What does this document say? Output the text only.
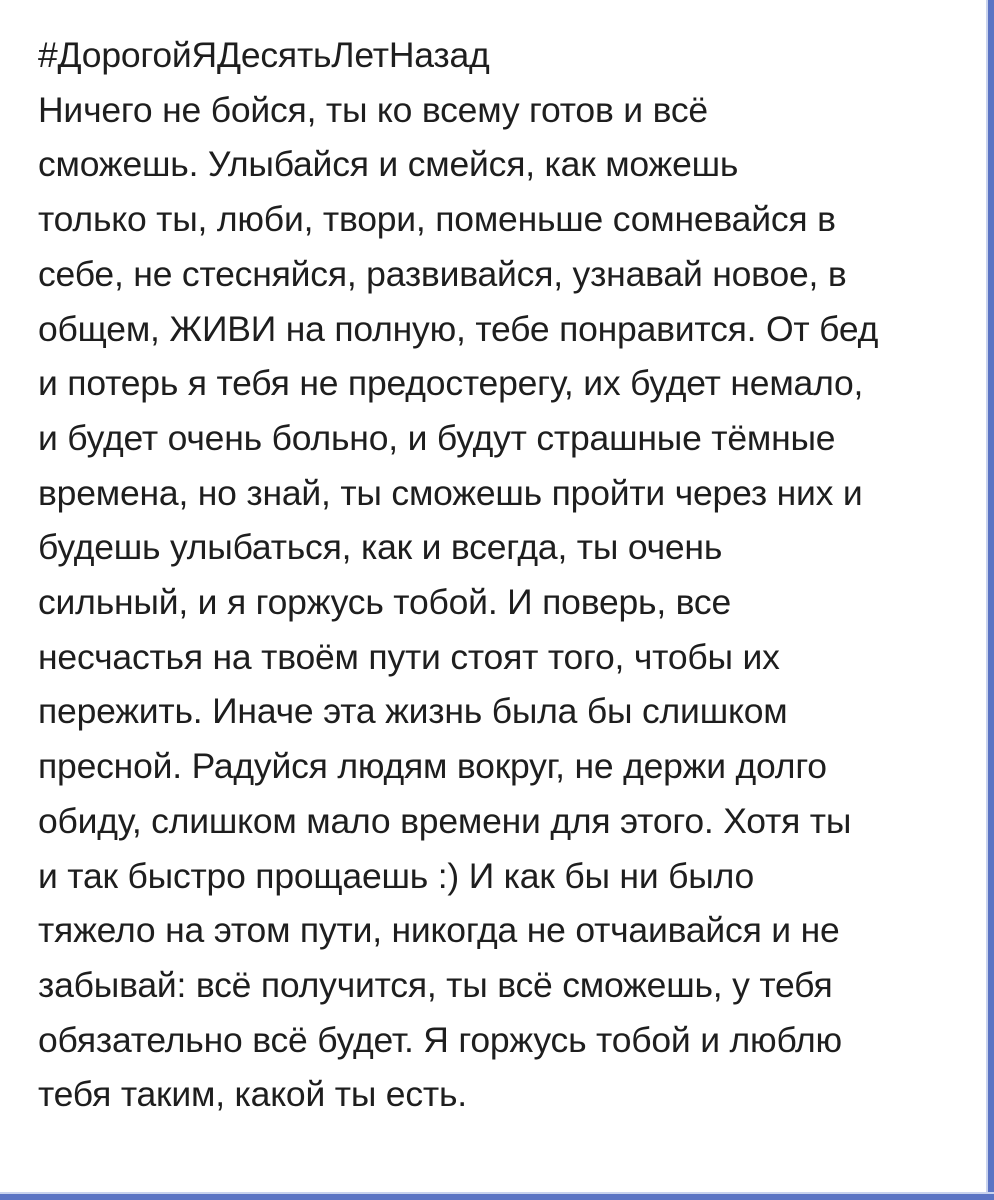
#ДорогойЯДесятьЛетНазад
Ничего не бойся, ты ко всему готов и всё
сможешь. Улыбайся и смейся, как можешь
только ты, люби, твори, поменьше сомневайся в
себе, не стесняйся, развивайся, узнавай новое, в
общем, ЖИВИ на полную, тебе понравится. От бед
и потерь я тебя не предостерегу, их будет немало,
и будет очень больно, и будут страшные тёмные
времена, но знай, ты сможешь пройти через них и
будешь улыбаться, как и всегда, ты очень
сильный, и я горжусь тобой. И поверь, все
несчастья на твоём пути стоят того, чтобы их
пережить. Иначе эта жизнь была бы слишком
пресной. Радуйся людям вокруг, не держи долго
обиду, слишком мало времени для этого. Хотя ты
и так быстро прощаешь :) И как бы ни было
тяжело на этом пути, никогда не отчаивайся и не
забывай: всё получится, ты всё сможешь, у тебя
обязательно всё будет. Я горжусь тобой и люблю
тебя таким, какой ты есть.
